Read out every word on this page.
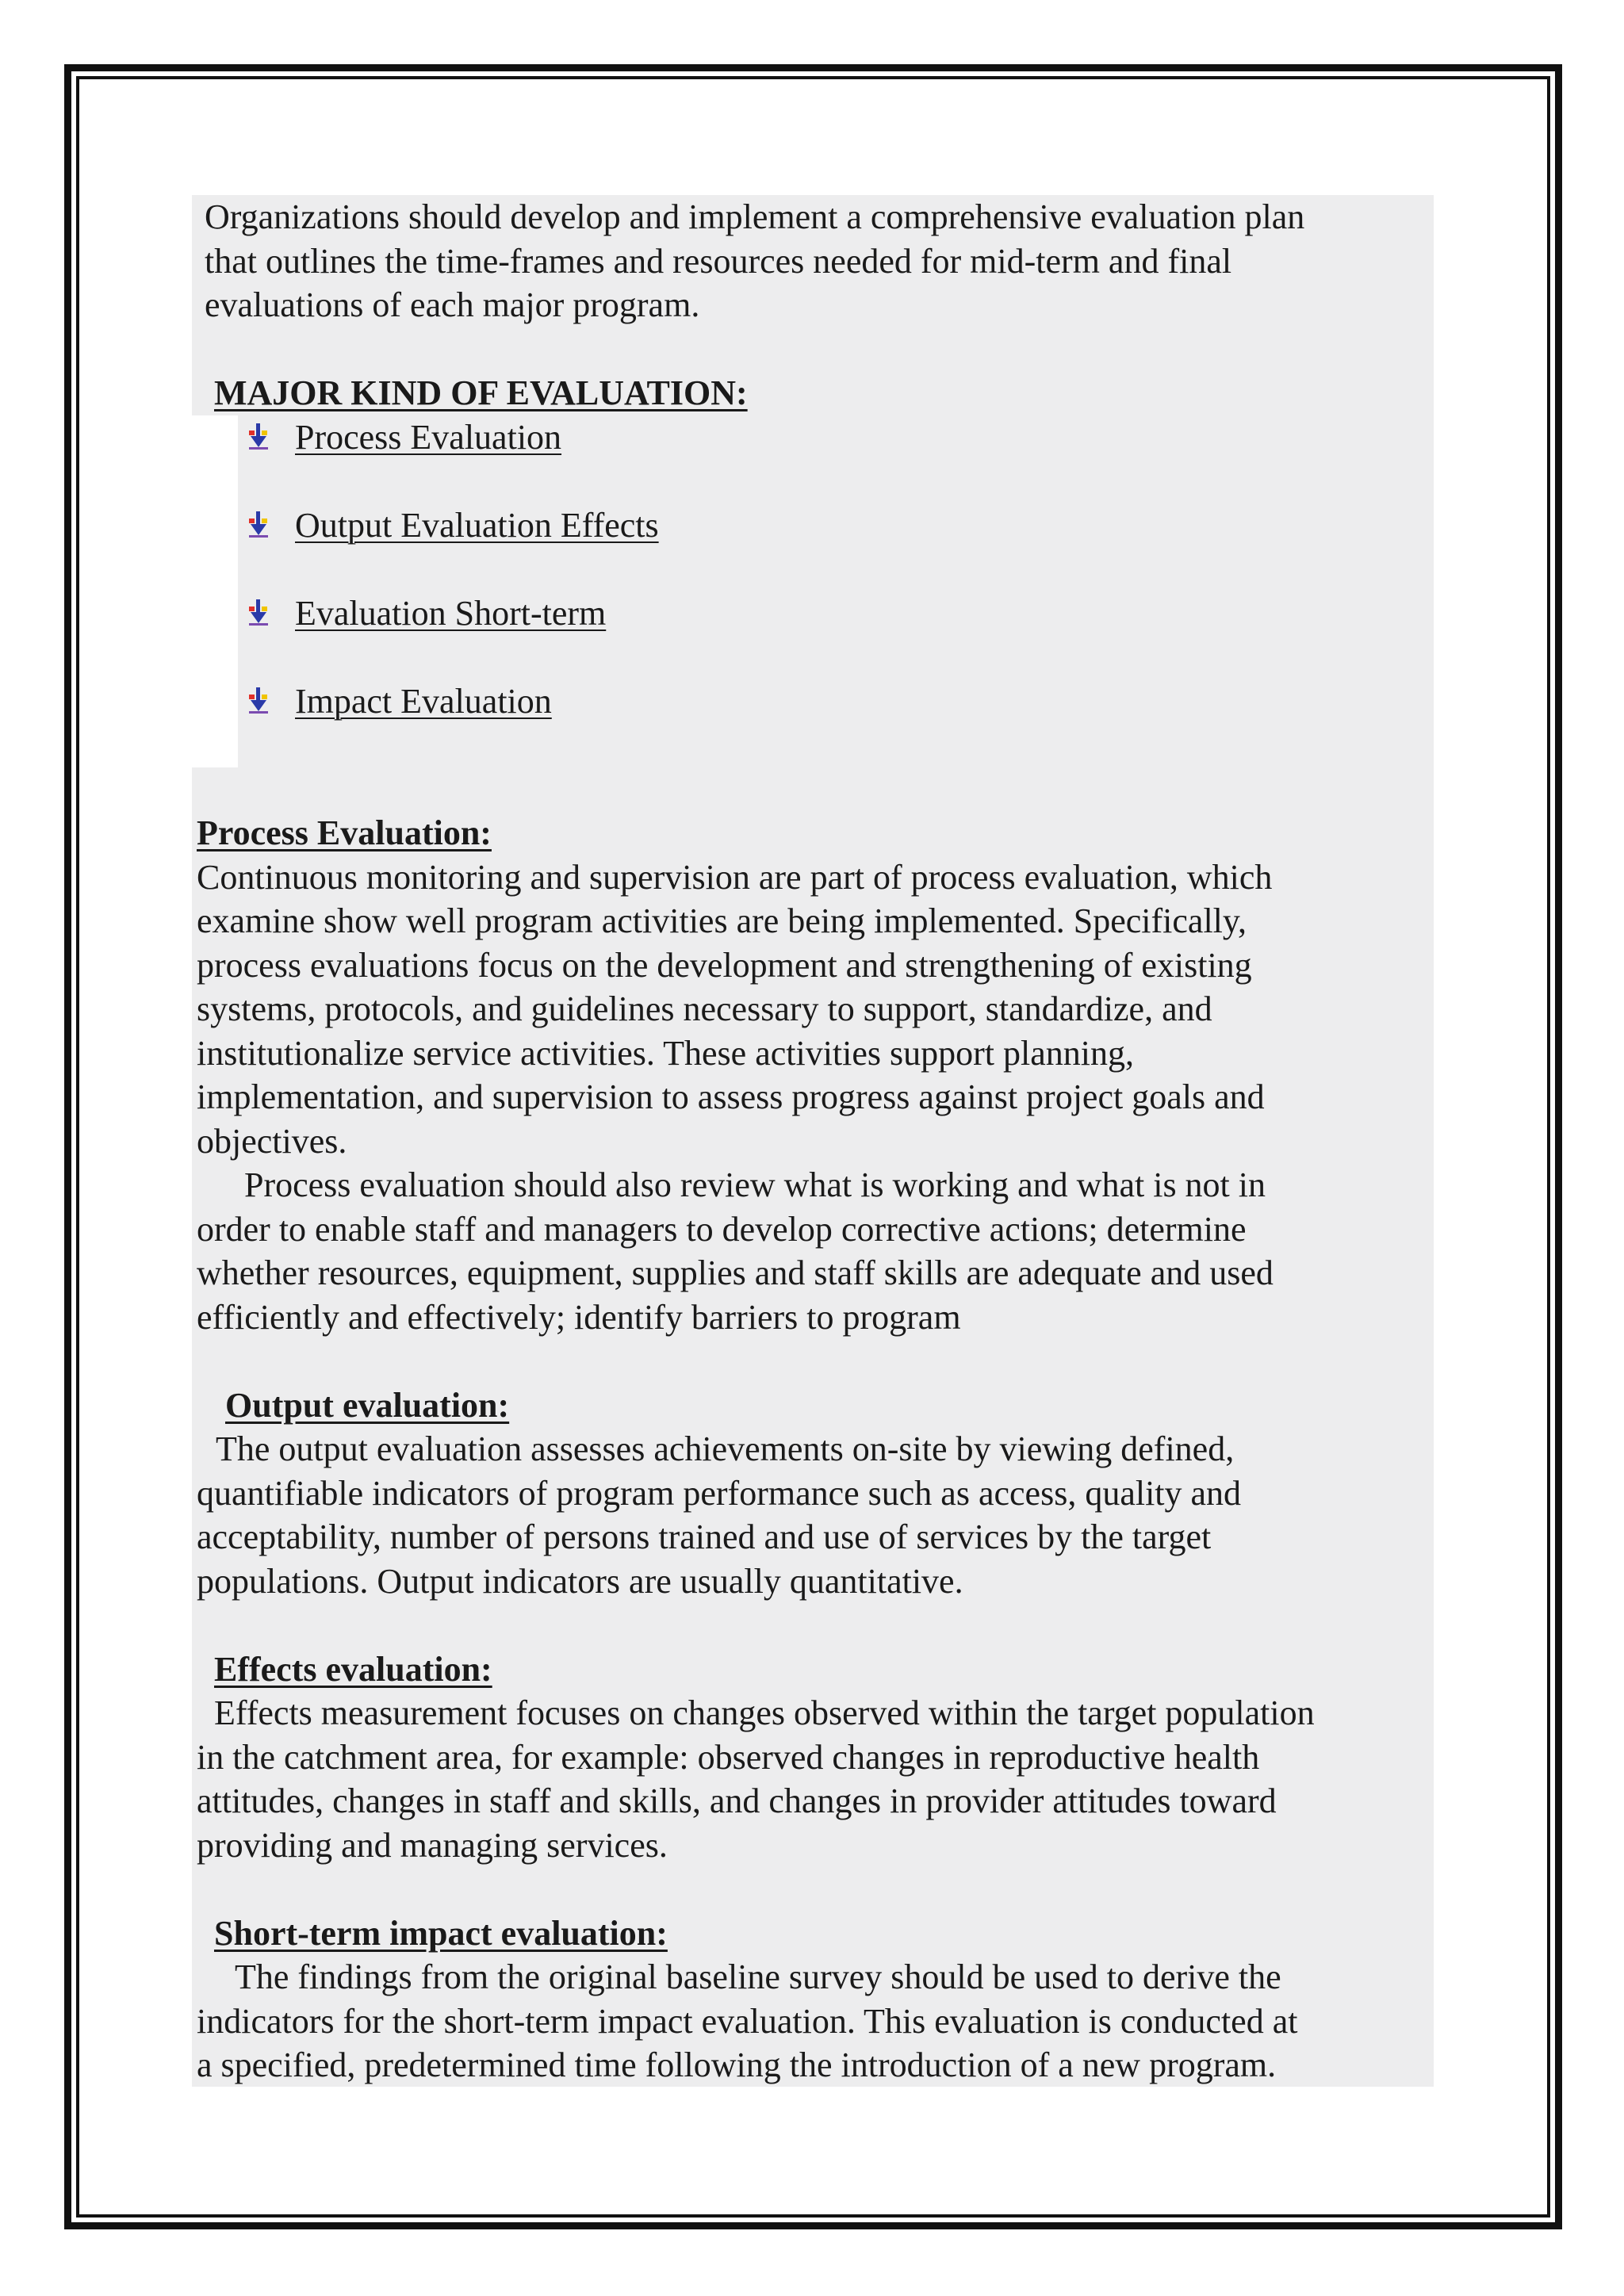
Organizations should develop and implement a comprehensive evaluation plan
that outlines the time-frames and resources needed for mid-term and final
evaluations of each major program.

MAJOR KIND OF EVALUATION:

Process Evaluation
Output Evaluation Effects
Evaluation Short-term
Impact Evaluation

Process Evaluation:

Continuous monitoring and supervision are part of process evaluation, which
examine show well program activities are being implemented. Specifically,
process evaluations focus on the development and strengthening of existing
systems, protocols, and guidelines necessary to support, standardize, and
institutionalize service activities. These activities support planning,
implementation, and supervision to assess progress against project goals and
objectives.

Process evaluation should also review what is working and what is not in

order to enable staff and managers to develop corrective actions; determine
whether resources, equipment, supplies and staff skills are adequate and used
efficiently and effectively; identify barriers to program

Output evaluation:

The output evaluation assesses achievements on-site by viewing defined,

quantifiable indicators of program performance such as access, quality and
acceptability, number of persons trained and use of services by the target
populations. Output indicators are usually quantitative.

Effects evaluation:

Effects measurement focuses on changes observed within the target population

in the catchment area, for example: observed changes in reproductive health
attitudes, changes in staff and skills, and changes in provider attitudes toward
providing and managing services.

Short-term impact evaluation:

The findings from the original baseline survey should be used to derive the

indicators for the short-term impact evaluation. This evaluation is conducted at
a specified, predetermined time following the introduction of a new program.
